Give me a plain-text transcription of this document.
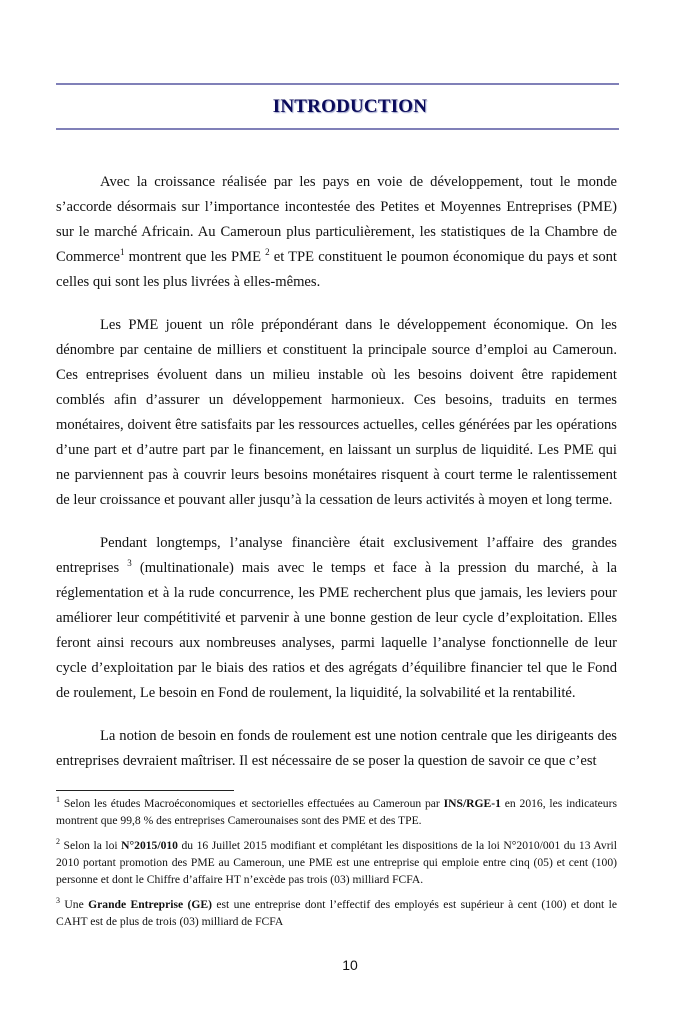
INTRODUCTION

Avec la croissance réalisée par les pays en voie de développement, tout le monde s’accorde désormais sur l’importance incontestée des Petites et Moyennes Entreprises (PME) sur le marché Africain. Au Cameroun plus particulièrement, les statistiques de la Chambre de Commerce$^1$ montrent que les PME $^2$ et TPE constituent le poumon économique du pays et sont celles qui sont les plus livrées à elles-mêmes.

Les PME jouent un rôle prépondérant dans le développement économique. On les dénombre par centaine de milliers et constituent la principale source d’emploi au Cameroun. Ces entreprises évoluent dans un milieu instable où les besoins doivent être rapidement comblés afin d’assurer un développement harmonieux. Ces besoins, traduits en termes monétaires, doivent être satisfaits par les ressources actuelles, celles générées par les opérations d’une part et d’autre part par le financement, en laissant un surplus de liquidité. Les PME qui ne parviennent pas à couvrir leurs besoins monétaires risquent à court terme le ralentissement de leur croissance et pouvant aller jusqu’à la cessation de leurs activités à moyen et long terme.

Pendant longtemps, l’analyse financière était exclusivement l’affaire des grandes entreprises $^3$ (multinationale) mais avec le temps et face à la pression du marché, à la réglementation et à la rude concurrence, les PME recherchent plus que jamais, les leviers pour améliorer leur compétitivité et parvenir à une bonne gestion de leur cycle d’exploitation. Elles feront ainsi recours aux nombreuses analyses, parmi laquelle l’analyse fonctionnelle de leur cycle d’exploitation par le biais des ratios et des agrégats d’équilibre financier tel que le Fond de roulement, Le besoin en Fond de roulement, la liquidité, la solvabilité et la rentabilité.

La notion de besoin en fonds de roulement est une notion centrale que les dirigeants des entreprises devraient maîtriser. Il est nécessaire de se poser la question de savoir ce que c’est

$^1$ Selon les études Macroéconomiques et sectorielles effectuées au Cameroun par INS/RGE-1 en 2016, les indicateurs montrent que 99,8 % des entreprises Camerounaises sont des PME et des TPE.

$^2$ Selon la loi N°2015/010 du 16 Juillet 2015 modifiant et complétant les dispositions de la loi N°2010/001 du 13 Avril 2010 portant promotion des PME au Cameroun, une PME est une entreprise qui emploie entre cinq (05) et cent (100) personne et dont le Chiffre d’affaire HT n’excède pas trois (03) milliard FCFA.

$^3$ Une Grande Entreprise (GE) est une entreprise dont l’effectif des employés est supérieur à cent (100) et dont le CAHT est de plus de trois (03) milliard de FCFA

10
